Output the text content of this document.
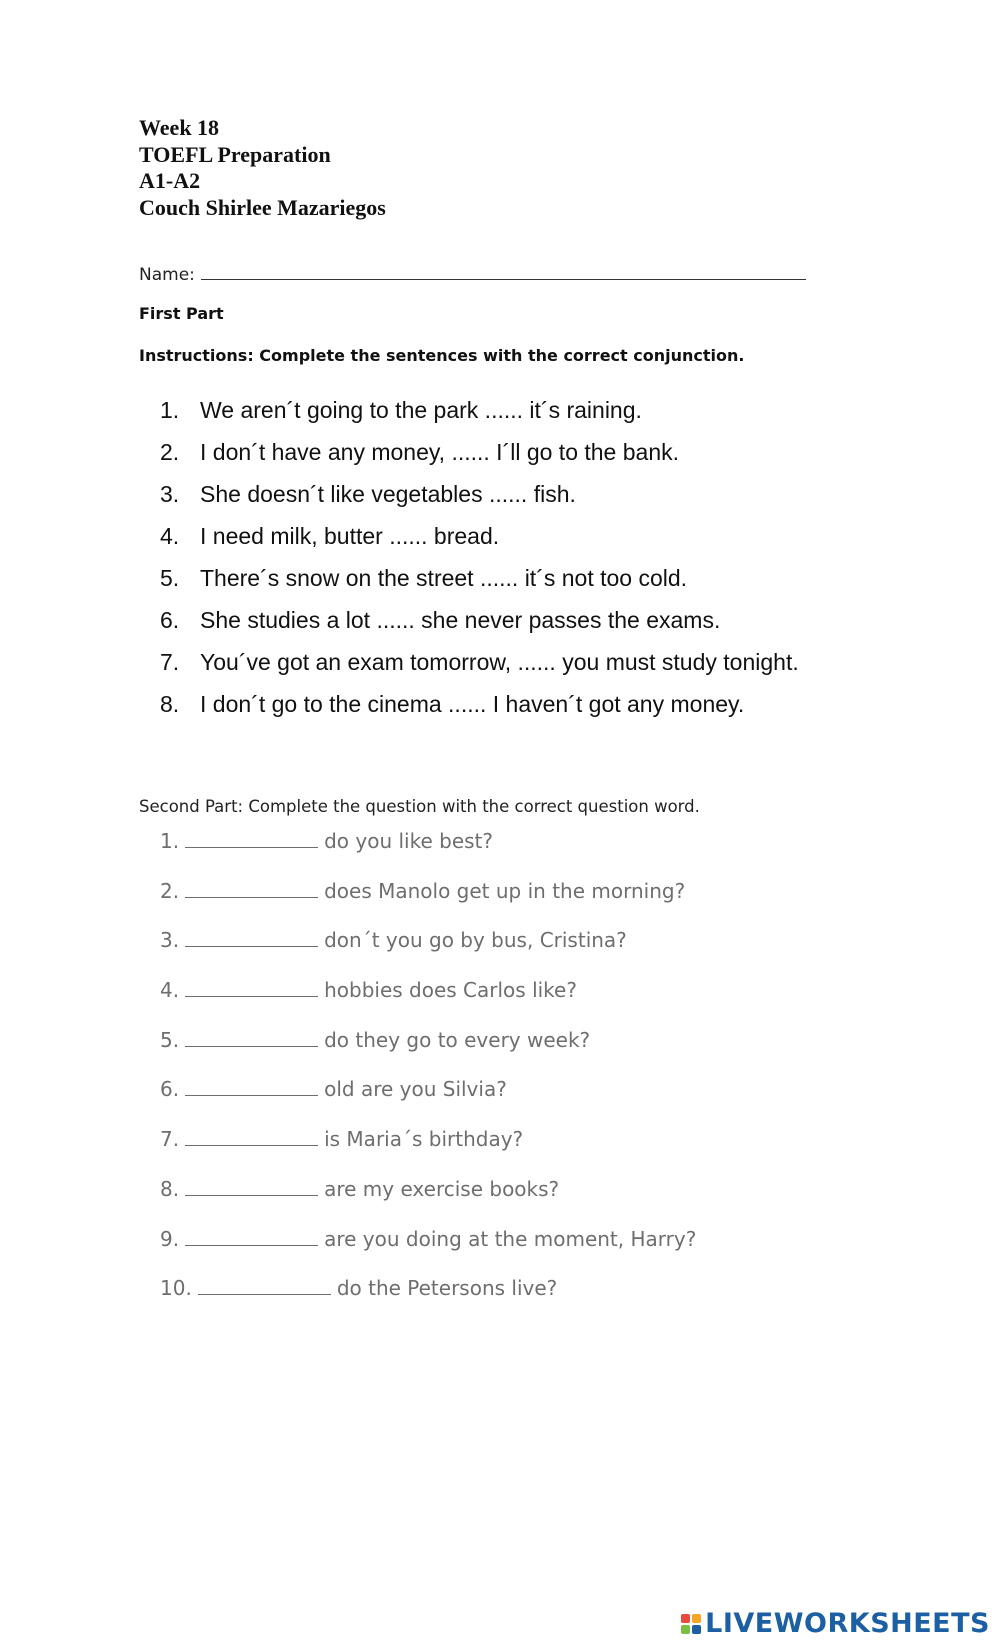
Week 18
TOEFL Preparation
A1-A2
Couch Shirlee Mazariegos
Name:
First Part
Instructions: Complete the sentences with the correct conjunction.
1. We aren´t going to the park ...... it´s raining.
2. I don´t have any money, ...... I´ll go to the bank.
3. She doesn´t like vegetables ...... fish.
4. I need milk, butter ...... bread.
5. There´s snow on the street ...... it´s not too cold.
6. She studies a lot ...... she never passes the exams.
7. You´ve got an exam tomorrow, ...... you must study tonight.
8. I don´t go to the cinema ...... I haven´t got any money.
Second Part: Complete the question with the correct question word.
1.	do you like best?
2.	does Manolo get up in the morning?
3.	don´t you go by bus, Cristina?
4.	hobbies does Carlos like?
5.	do they go to every week?
6.	old are you Silvia?
7.	is Maria´s birthday?
8.	are my exercise books?
9.	are you doing at the moment, Harry?
10.	do the Petersons live?
LIVEWORKSHEETS
